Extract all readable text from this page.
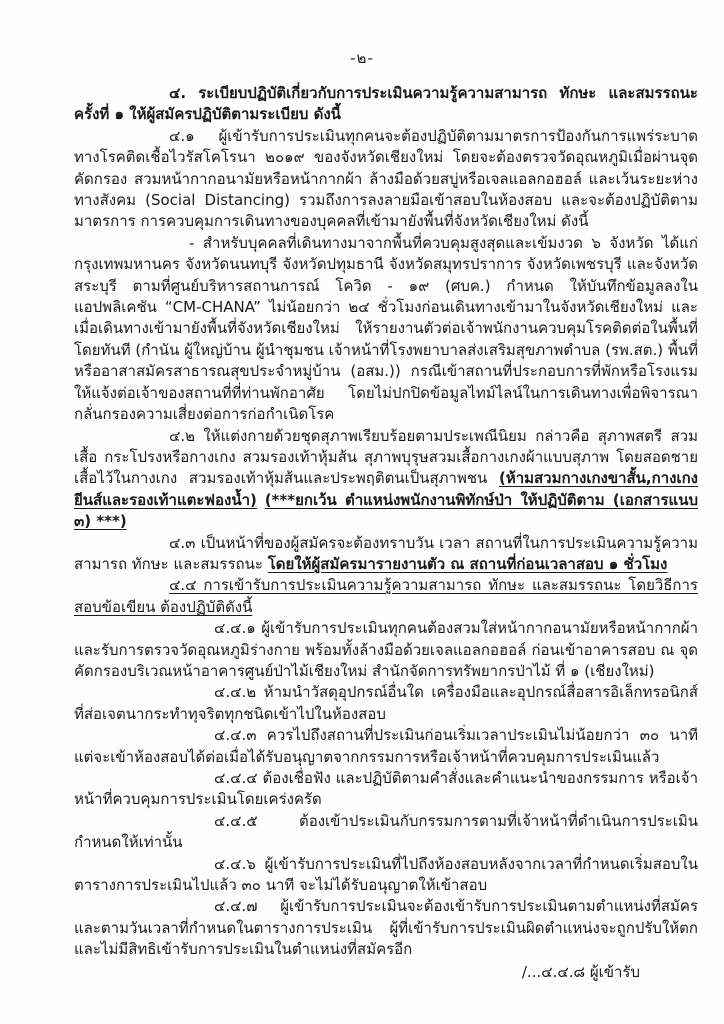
-๒-
๔. ระเบียบปฏิบัติเกี่ยวกับการประเมินความรู้ความสามารถ ทักษะ และสมรรถนะ ครั้งที่ ๑ ให้ผู้สมัครปฏิบัติตามระเบียบ ดังนี้
๔.๑ ผู้เข้ารับการประเมินทุกคนจะต้องปฏิบัติตามมาตรการป้องกันการแพร่ระบาดทางโรคติดเชื้อไวรัสโคโรนา ๒๐๑๙ ของจังหวัดเชียงใหม่ โดยจะต้องตรวจวัดอุณหภูมิเมื่อผ่านจุดคัดกรอง สวมหน้ากากอนามัยหรือหน้ากากผ้า ล้างมือด้วยสบู่หรือเจลแอลกอฮอล์ และเว้นระยะห่างทางสังคม (Social Distancing) รวมถึงการลงลายมือเข้าสอบในห้องสอบ และจะต้องปฏิบัติตามมาตรการ การควบคุมการเดินทางของบุคคลที่เข้ามายังพื้นที่จังหวัดเชียงใหม่ ดังนี้
- สำหรับบุคคลที่เดินทางมาจากพื้นที่ควบคุมสูงสุดและเข้มงวด ๖ จังหวัด ได้แก่ กรุงเทพมหานคร จังหวัดนนทบุรี จังหวัดปทุมธานี จังหวัดสมุทรปราการ จังหวัดเพชรบุรี และจังหวัดสระบุรี ตามที่ศูนย์บริหารสถานการณ์ โควิด - ๑๙ (ศบค.) กำหนด ให้บันทึกข้อมูลลงในแอปพลิเคชัน “CM-CHANA” ไม่น้อยกว่า ๒๔ ชั่วโมงก่อนเดินทางเข้ามาในจังหวัดเชียงใหม่ และเมื่อเดินทางเข้ามายังพื้นที่จังหวัดเชียงใหม่ ให้รายงานตัวต่อเจ้าพนักงานควบคุมโรคติดต่อในพื้นที่โดยทันที (กำนัน ผู้ใหญ่บ้าน ผู้นำชุมชน เจ้าหน้าที่โรงพยาบาลส่งเสริมสุขภาพตำบล (รพ.สต.) พื้นที่ หรืออาสาสมัครสาธารณสุขประจำหมู่บ้าน (อสม.)) กรณีเข้าสถานที่ประกอบการที่พักหรือโรงแรม ให้แจ้งต่อเจ้าของสถานที่ที่ท่านพักอาศัย โดยไม่ปกปิดข้อมูลไทม์ไลน์ในการเดินทางเพื่อพิจารณากลั่นกรองความเสี่ยงต่อการก่อกำเนิดโรค
๔.๒ ให้แต่งกายด้วยชุดสุภาพเรียบร้อยตามประเพณีนิยม กล่าวคือ สุภาพสตรี สวมเสื้อ กระโปรงหรือกางเกง สวมรองเท้าหุ้มส้น สุภาพบุรุษสวมเสื้อกางเกงผ้าแบบสุภาพ โดยสอดชายเสื้อไว้ในกางเกง สวมรองเท้าหุ้มส้นและประพฤติตนเป็นสุภาพชน (ห้ามสวมกางเกงขาสั้น,กางเกงยีนส์และรองเท้าแตะฟองน้ำ) (***ยกเว้น ตำแหน่งพนักงานพิทักษ์ป่า ให้ปฏิบัติตาม (เอกสารแนบ ๓) ***)
๔.๓ เป็นหน้าที่ของผู้สมัครจะต้องทราบวัน เวลา สถานที่ในการประเมินความรู้ความสามารถ ทักษะ และสมรรถนะ โดยให้ผู้สมัครมารายงานตัว ณ สถานที่ก่อนเวลาสอบ ๑ ชั่วโมง
๔.๔ การเข้ารับการประเมินความรู้ความสามารถ ทักษะ และสมรรถนะ โดยวิธีการสอบข้อเขียน ต้องปฏิบัติดังนี้
๔.๔.๑ ผู้เข้ารับการประเมินทุกคนต้องสวมใส่หน้ากากอนามัยหรือหน้ากากผ้า และรับการตรวจวัดอุณหภูมิร่างกาย พร้อมทั้งล้างมือด้วยเจลแอลกอฮอล์ ก่อนเข้าอาคารสอบ ณ จุดคัดกรองบริเวณหน้าอาคารศูนย์ป่าไม้เชียงใหม่ สำนักจัดการทรัพยากรป่าไม้ ที่ ๑ (เชียงใหม่)
๔.๔.๒ ห้ามนำวัสดุอุปกรณ์อื่นใด เครื่องมือและอุปกรณ์สื่อสารอิเล็กทรอนิกส์ที่ส่อเจตนากระทำทุจริตทุกชนิดเข้าไปในห้องสอบ
๔.๔.๓ ควรไปถึงสถานที่ประเมินก่อนเริ่มเวลาประเมินไม่น้อยกว่า ๓๐ นาที แต่จะเข้าห้องสอบได้ต่อเมื่อได้รับอนุญาตจากกรรมการหรือเจ้าหน้าที่ควบคุมการประเมินแล้ว
๔.๔.๔ ต้องเชื่อฟัง และปฏิบัติตามคำสั่งและคำแนะนำของกรรมการ หรือเจ้าหน้าที่ควบคุมการประเมินโดยเคร่งครัด
๔.๔.๕ ต้องเข้าประเมินกับกรรมการตามที่เจ้าหน้าที่ดำเนินการประเมินกำหนดให้เท่านั้น
๔.๔.๖ ผู้เข้ารับการประเมินที่ไปถึงห้องสอบหลังจากเวลาที่กำหนดเริ่มสอบในตารางการประเมินไปแล้ว ๓๐ นาที จะไม่ได้รับอนุญาตให้เข้าสอบ
๔.๔.๗ ผู้เข้ารับการประเมินจะต้องเข้ารับการประเมินตามตำแหน่งที่สมัคร และตามวันเวลาที่กำหนดในตารางการประเมิน ผู้ที่เข้ารับการประเมินผิดตำแหน่งจะถูกปรับให้ตกและไม่มีสิทธิเข้ารับการประเมินในตำแหน่งที่สมัครอีก
/...๔.๔.๘ ผู้เข้ารับ
